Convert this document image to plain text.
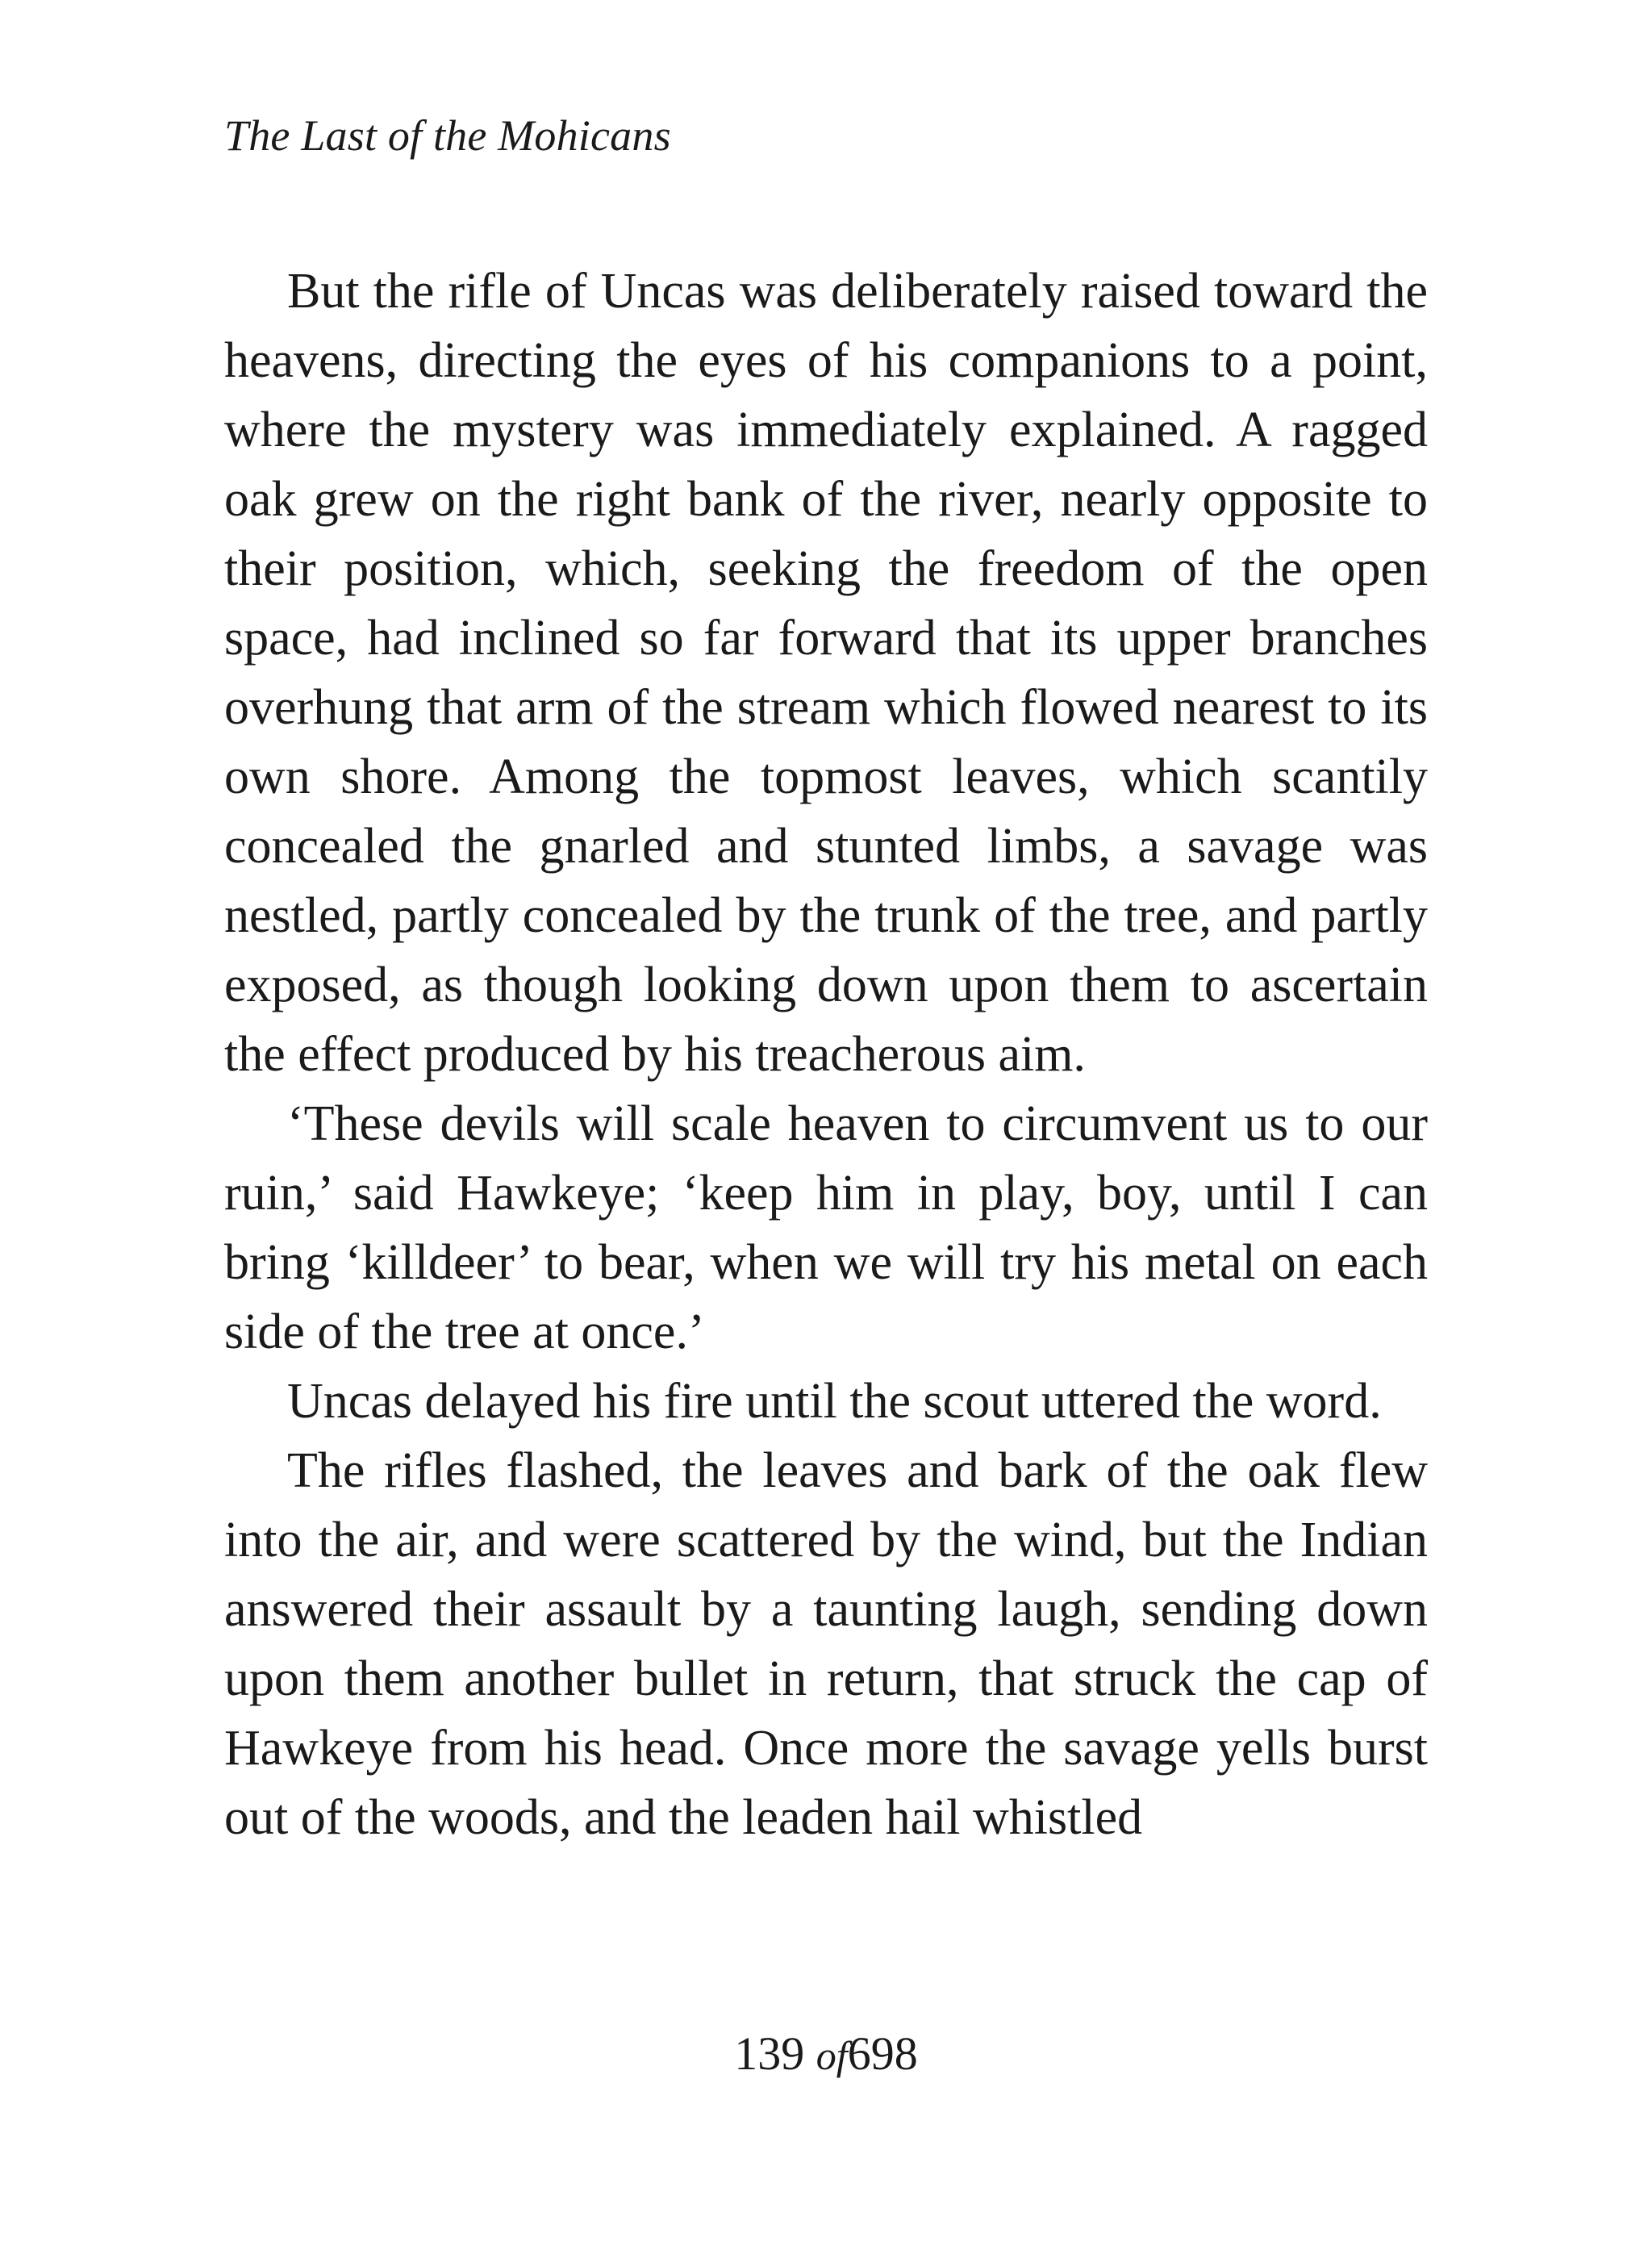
The Last of the Mohicans

But the rifle of Uncas was deliberately raised toward the heavens, directing the eyes of his companions to a point, where the mystery was immediately explained. A ragged oak grew on the right bank of the river, nearly opposite to their position, which, seeking the freedom of the open space, had inclined so far forward that its upper branches overhung that arm of the stream which flowed nearest to its own shore. Among the topmost leaves, which scantily concealed the gnarled and stunted limbs, a savage was nestled, partly concealed by the trunk of the tree, and partly exposed, as though looking down upon them to ascertain the effect produced by his treacherous aim.

‘These devils will scale heaven to circumvent us to our ruin,’ said Hawkeye; ‘keep him in play, boy, until I can bring ‘killdeer’ to bear, when we will try his metal on each side of the tree at once.’

Uncas delayed his fire until the scout uttered the word.

The rifles flashed, the leaves and bark of the oak flew into the air, and were scattered by the wind, but the Indian answered their assault by a taunting laugh, sending down upon them another bullet in return, that struck the cap of Hawkeye from his head. Once more the savage yells burst out of the woods, and the leaden hail whistled

139 of698
